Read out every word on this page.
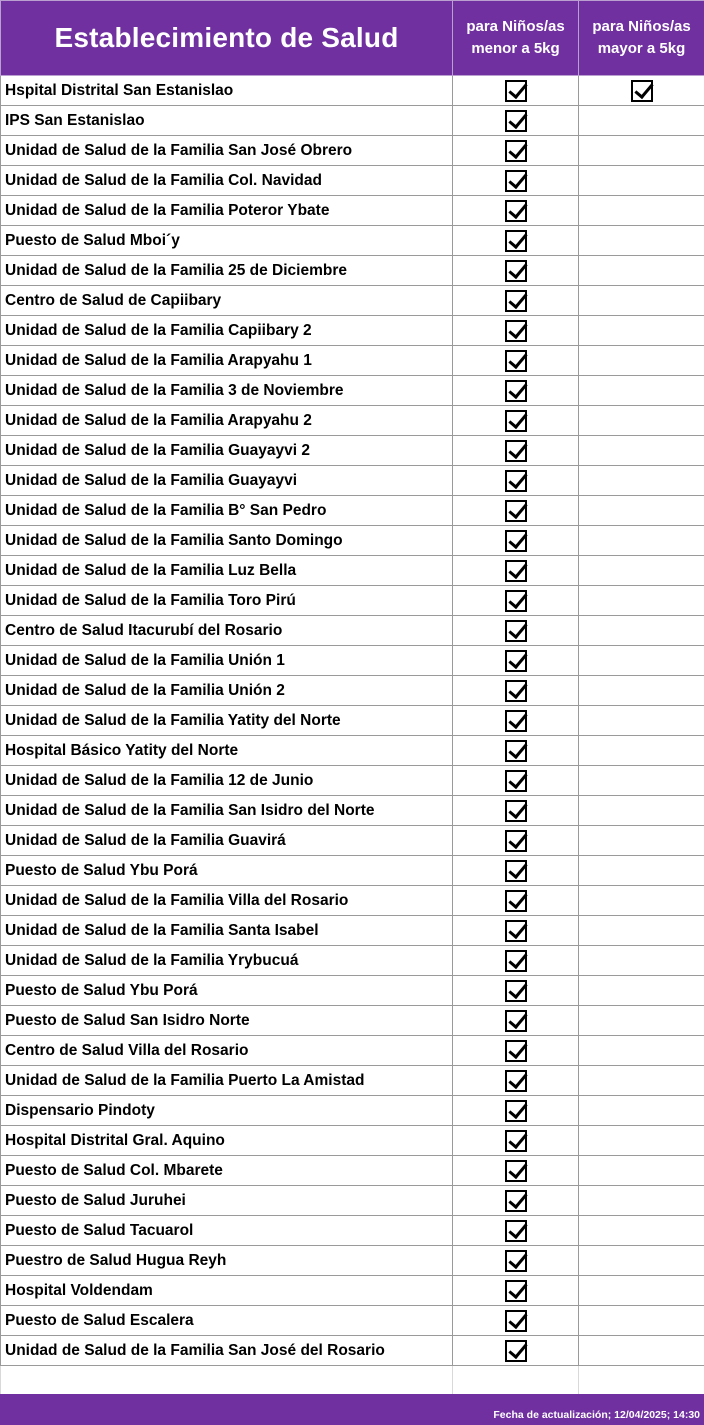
Establecimiento de Salud	para Niños/as menor a 5kg	para Niños/as mayor a 5kg
Hspital Distrital San Estanislao		
IPS San Estanislao		
Unidad de Salud de la Familia San José Obrero		
Unidad de Salud de la Familia Col. Navidad		
Unidad de Salud de la Familia Poteror Ybate		
Puesto de Salud Mboi´y		
Unidad de Salud de la Familia 25 de Diciembre		
Centro de Salud de Capiibary		
Unidad de Salud de la Familia Capiibary 2		
Unidad de Salud de la Familia Arapyahu 1		
Unidad de Salud de la Familia 3 de Noviembre		
Unidad de Salud de la Familia Arapyahu 2		
Unidad de Salud de la Familia Guayayvi 2		
Unidad de Salud de la Familia Guayayvi		
Unidad de Salud de la Familia B° San Pedro		
Unidad de Salud de la Familia Santo Domingo		
Unidad de Salud de la Familia Luz Bella		
Unidad de Salud de la Familia Toro Pirú		
Centro de Salud Itacurubí del Rosario		
Unidad de Salud de la Familia Unión 1		
Unidad de Salud de la Familia Unión 2		
Unidad de Salud de la Familia Yatity del Norte		
Hospital Básico Yatity del Norte		
Unidad de Salud de la Familia 12 de Junio		
Unidad de Salud de la Familia San Isidro del Norte		
Unidad de Salud de la Familia Guavirá		
Puesto de Salud Ybu Porá		
Unidad de Salud de la Familia Villa del Rosario		
Unidad de Salud de la Familia Santa Isabel		
Unidad de Salud de la Familia Yrybucuá		
Puesto de Salud Ybu Porá		
Puesto de Salud San Isidro Norte		
Centro de Salud Villa del Rosario		
Unidad de Salud de la Familia Puerto La Amistad		
Dispensario Pindoty		
Hospital Distrital Gral. Aquino		
Puesto de Salud Col. Mbarete		
Puesto de Salud Juruhei		
Puesto de Salud Tacuarol		
Puestro de Salud Hugua Reyh		
Hospital Voldendam		
Puesto de Salud Escalera		
Unidad de Salud de la Familia San José del Rosario		

Fecha de actualización; 12/04/2025; 14:30
